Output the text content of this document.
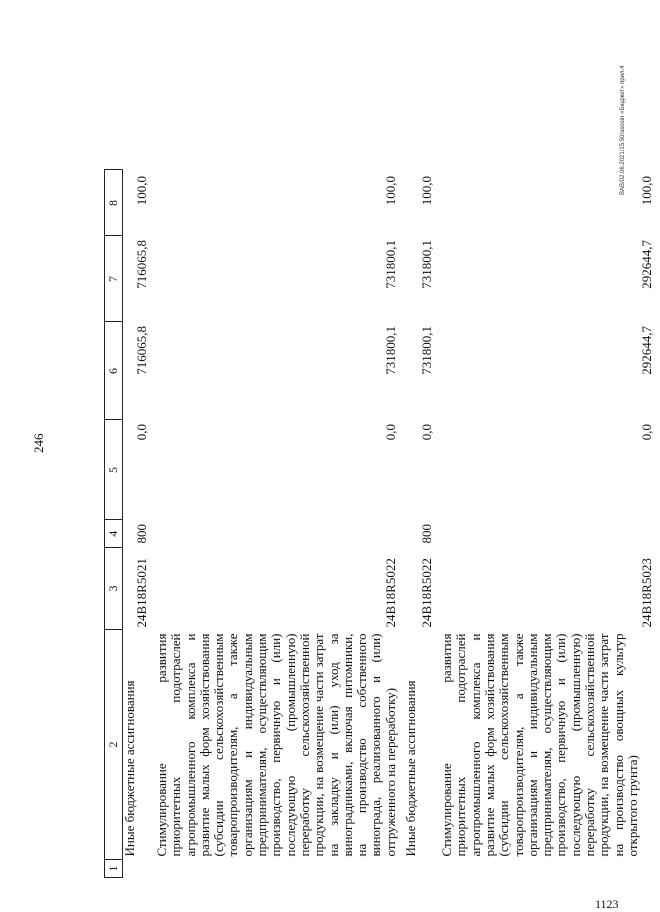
246
1123
BAB/02.06.2021/15:50/asosin «Бюджет» прил.4
1	2	3	4	5	6	7	8
	Иные бюджетные ассигнования	24B18R5021	800	0,0	716065,8	716065,8	100,0
	Стимулирование развития приоритетных подотраслей агропромышленного комплекса и развитие малых форм хозяйствования (субсидии сельскохозяйственным товаропроизводителям, а также организациям и индивидуальным предпринимателям, осуществляющим производство, первичную и (или) последующую (промышленную) переработку сельскохозяйственной продукции, на возмещение части затрат на закладку и (или) уход за виноградниками, включая питомники, на производство собственного винограда, реализованного и (или) отгруженного на переработку)	24B18R5022		0,0	731800,1	731800,1	100,0
	Иные бюджетные ассигнования	24B18R5022	800	0,0	731800,1	731800,1	100,0
	Стимулирование развития приоритетных подотраслей агропромышленного комплекса и развитие малых форм хозяйствования (субсидии сельскохозяйственным товаропроизводителям, а также организациям и индивидуальным предпринимателям, осуществляющим производство, первичную и (или) последующую (промышленную) переработку сельскохозяйственной продукции, на возмещение части затрат на производство овощных культур открытого грунта)	24B18R5023		0,0	292644,7	292644,7	100,0
